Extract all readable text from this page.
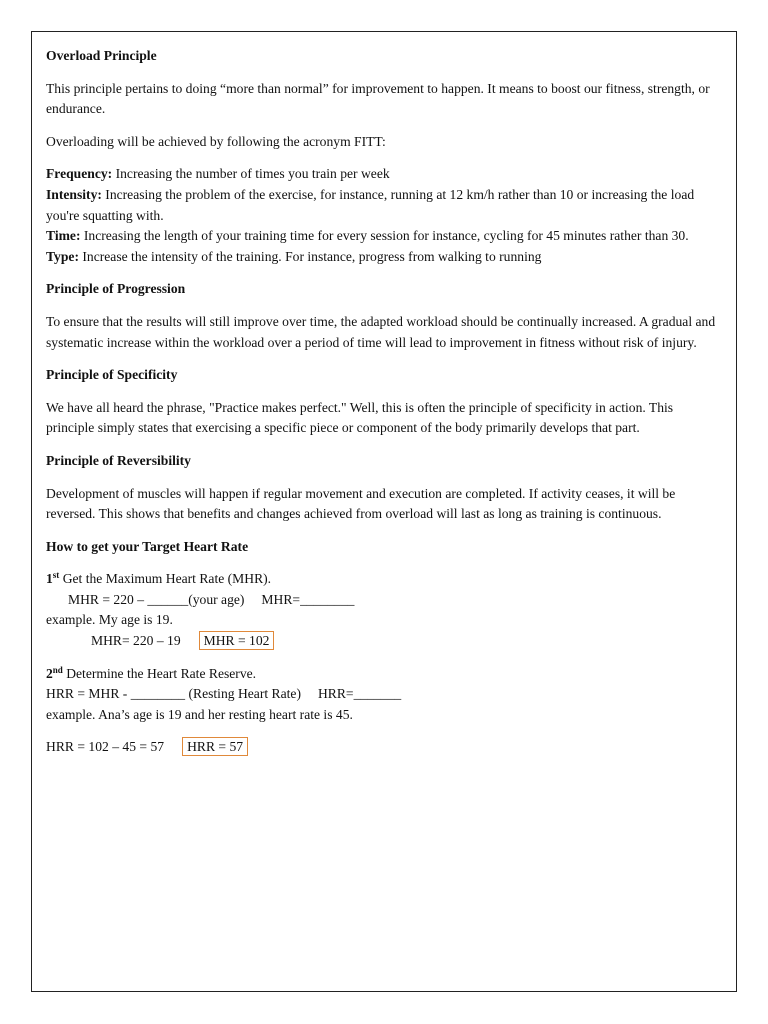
Overload Principle

This principle pertains to doing “more than normal” for improvement to happen. It means to boost our fitness, strength, or endurance.

Overloading will be achieved by following the acronym FITT:

Frequency: Increasing the number of times you train per week

Intensity: Increasing the problem of the exercise, for instance, running at 12 km/h rather than 10 or increasing the load you're squatting with.

Time: Increasing the length of your training time for every session for instance, cycling for 45 minutes rather than 30.

Type: Increase the intensity of the training. For instance, progress from walking to running

Principle of Progression

To ensure that the results will still improve over time, the adapted workload should be continually increased. A gradual and systematic increase within the workload over a period of time will lead to improvement in fitness without risk of injury.

Principle of Specificity

We have all heard the phrase, "Practice makes perfect." Well, this is often the principle of specificity in action. This principle simply states that exercising a specific piece or component of the body primarily develops that part.

Principle of Reversibility

Development of muscles will happen if regular movement and execution are completed. If activity ceases, it will be reversed. This shows that benefits and changes achieved from overload will last as long as training is continuous.

How to get your Target Heart Rate

1st Get the Maximum Heart Rate (MHR).

MHR = 220 – ______(your age)     MHR=________

example. My age is 19.

MHR= 220 – 19 MHR = 102

2nd Determine the Heart Rate Reserve.

HRR = MHR - ________ (Resting Heart Rate)     HRR=_______

example. Ana’s age is 19 and her resting heart rate is 45.

HRR = 102 – 45 = 57 HRR = 57
